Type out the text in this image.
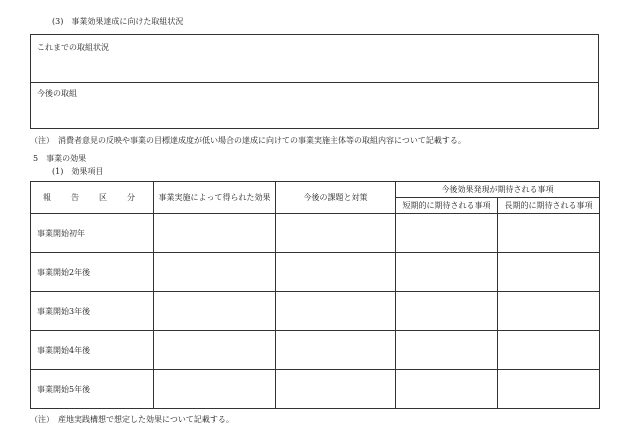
(3)　事業効果達成に向けた取組状況
これまでの取組状況
今後の取組
（注）　消費者意見の反映や事業の目標達成度が低い場合の達成に向けての事業実施主体等の取組内容について記載する。
5　事業の効果
(1)　効果項目
報　告　区　分	事業実施によって得られた効果	今後の課題と対策	今後効果発現が期待される事項	
			短期的に期待される事項	長期的に期待される事項
事業開始初年				
事業開始2年後				
事業開始3年後				
事業開始4年後				
事業開始5年後				
（注）　産地実践構想で想定した効果について記載する。
